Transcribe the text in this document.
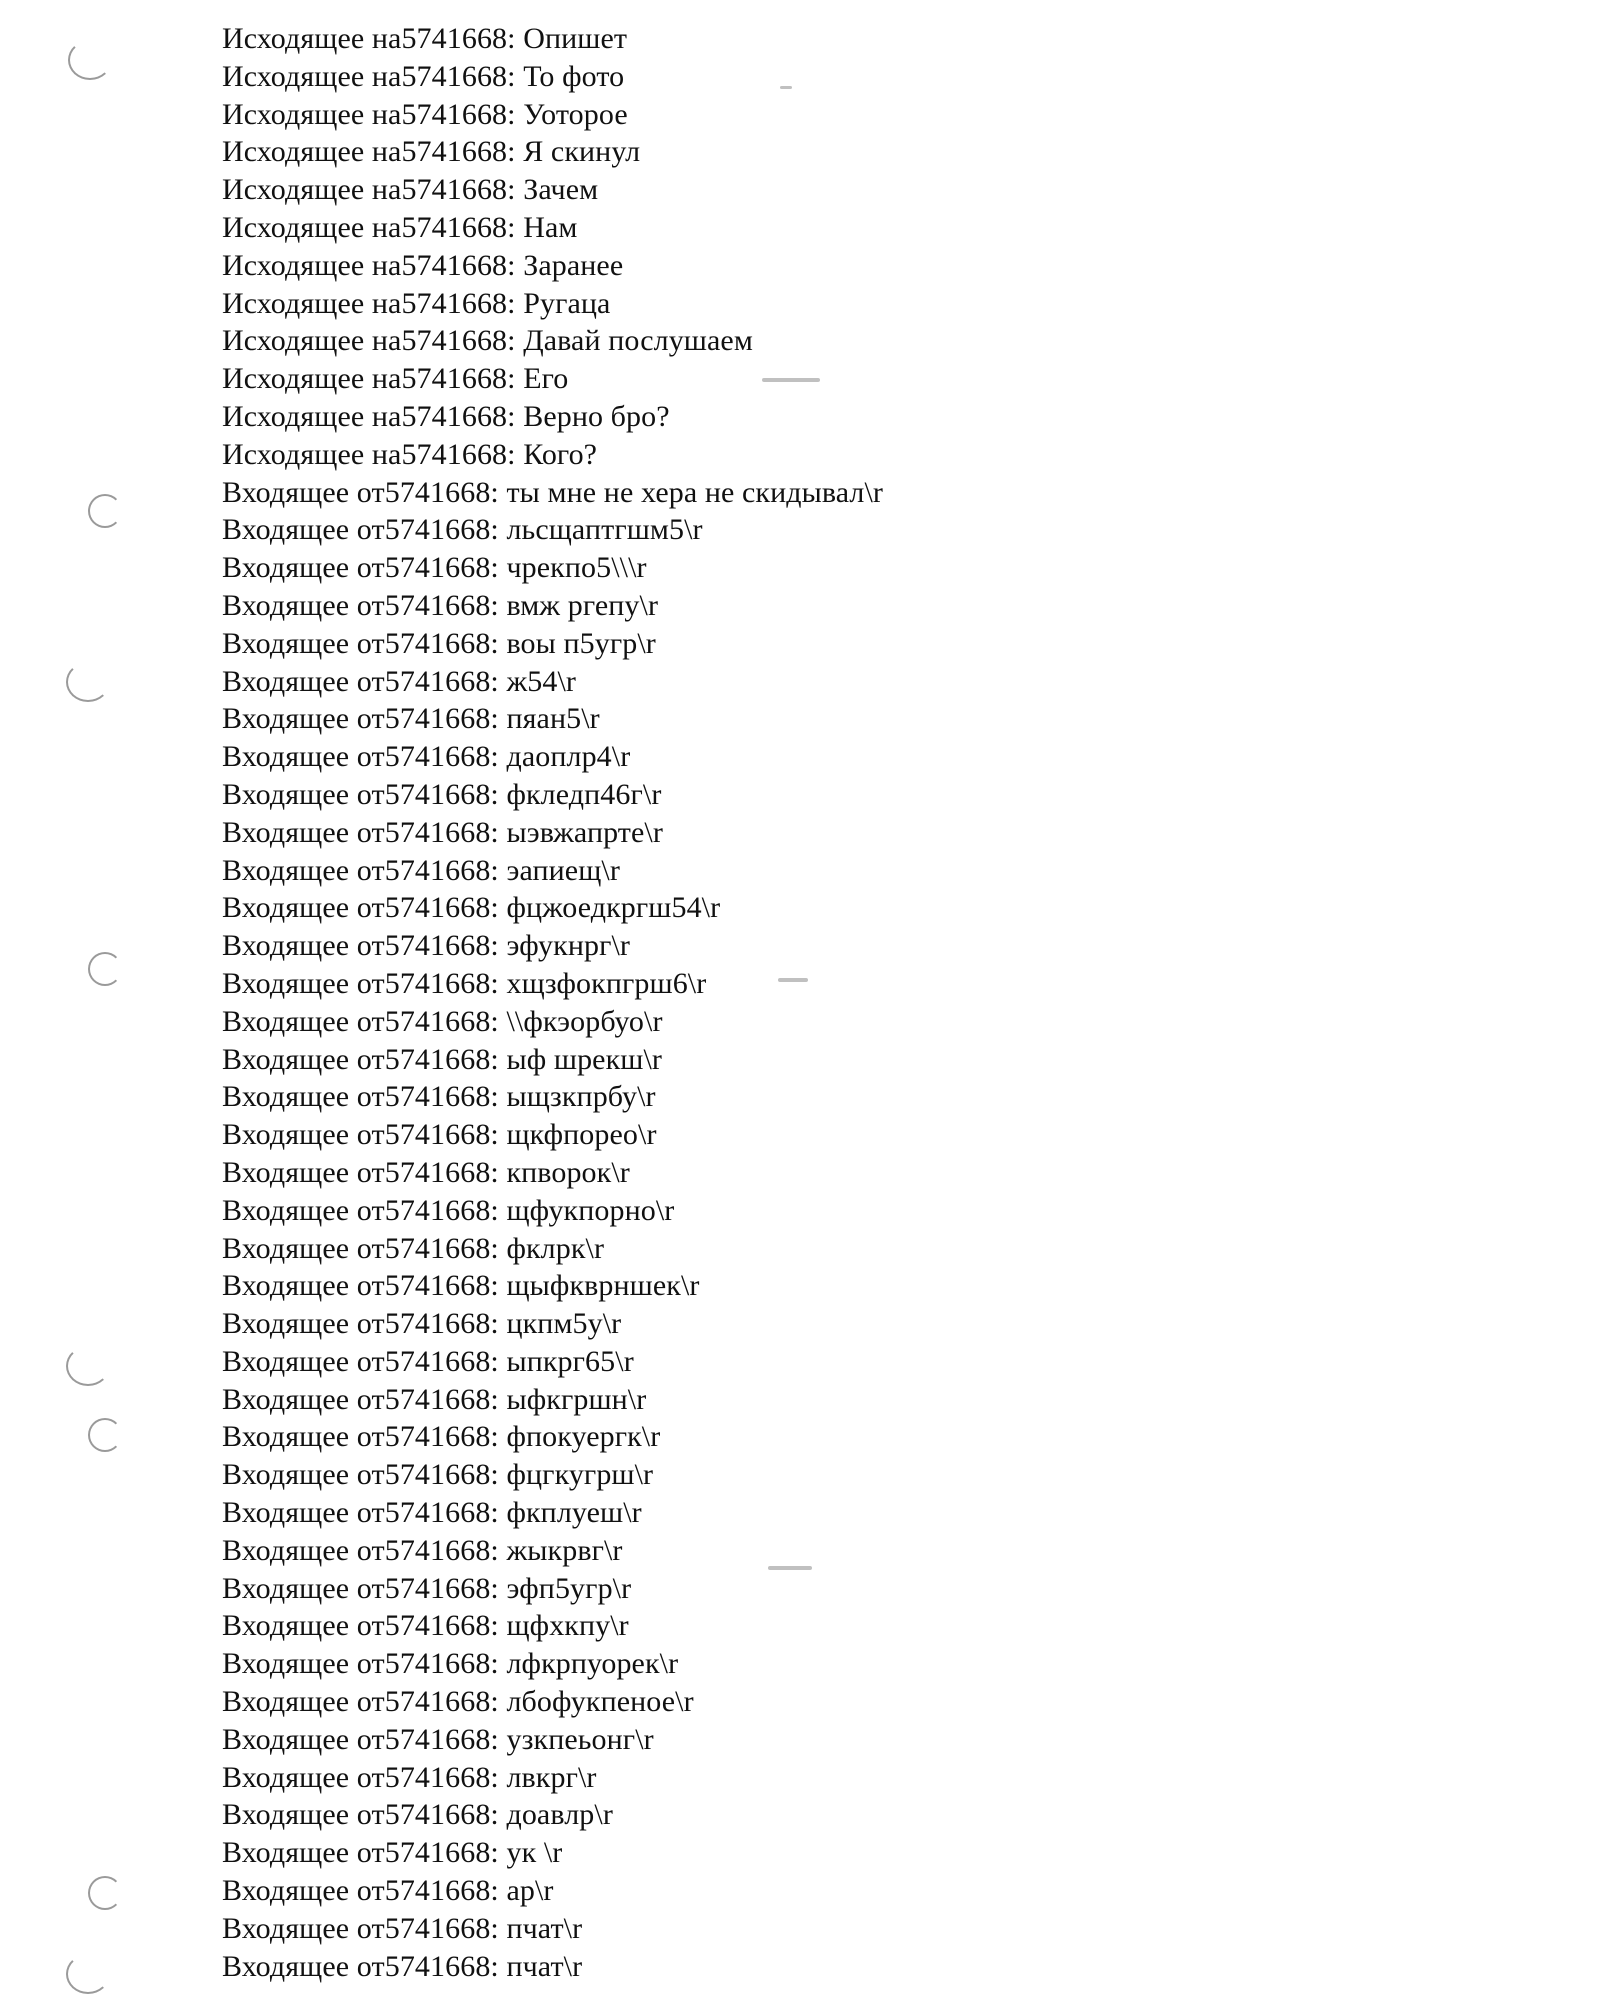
Исходящее на5741668: Опишет
Исходящее на5741668: То фото
Исходящее на5741668: Уоторое
Исходящее на5741668: Я скинул
Исходящее на5741668: Зачем
Исходящее на5741668: Нам
Исходящее на5741668: Заранее
Исходящее на5741668: Ругаца
Исходящее на5741668: Давай послушаем
Исходящее на5741668: Его
Исходящее на5741668: Верно бро?
Исходящее на5741668: Кого?
Входящее от5741668: ты мне не хера не скидывал\r
Входящее от5741668: льсщаптгшм5\r
Входящее от5741668: чрекпо5\\\r
Входящее от5741668: вмж ргепу\r
Входящее от5741668: воы п5угр\r
Входящее от5741668: ж54\r
Входящее от5741668: пяан5\r
Входящее от5741668: даоплр4\r
Входящее от5741668: фкледп46г\r
Входящее от5741668: ыэвжапрте\r
Входящее от5741668: эапиещ\r
Входящее от5741668: фцжоедкргш54\r
Входящее от5741668: эфукнрг\r
Входящее от5741668: хщзфокпгрш6\r
Входящее от5741668: \\фкэорбуо\r
Входящее от5741668: ыф шрекш\r
Входящее от5741668: ыщзкпрбу\r
Входящее от5741668: щкфпорео\r
Входящее от5741668: кпворок\r
Входящее от5741668: щфукпорно\r
Входящее от5741668: фклрк\r
Входящее от5741668: щыфкврншек\r
Входящее от5741668: цкпм5у\r
Входящее от5741668: ыпкрг65\r
Входящее от5741668: ыфкгршн\r
Входящее от5741668: фпокуергк\r
Входящее от5741668: фцгкугрш\r
Входящее от5741668: фкплуеш\r
Входящее от5741668: жыкрвг\r
Входящее от5741668: эфп5угр\r
Входящее от5741668: щфхкпу\r
Входящее от5741668: лфкрпуорек\r
Входящее от5741668: лбофукпеное\r
Входящее от5741668: узкпеьонг\r
Входящее от5741668: лвкрг\r
Входящее от5741668: доавлр\r
Входящее от5741668: ук \r
Входящее от5741668: ар\r
Входящее от5741668: пчат\r
Входящее от5741668: пчат\r
